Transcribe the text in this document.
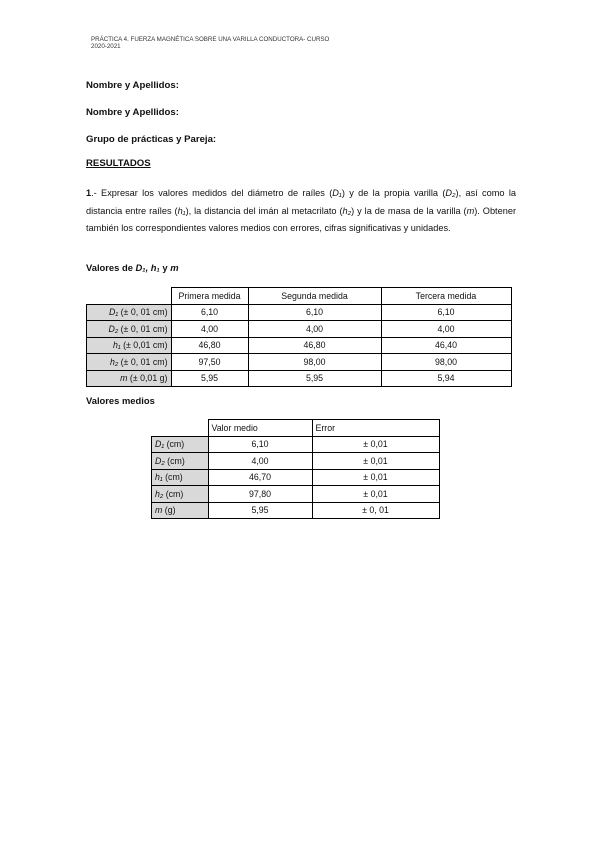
PRÁCTICA 4. FUERZA MAGNÉTICA SOBRE UNA VARILLA CONDUCTORA- CURSO
2020-2021
Nombre y Apellidos:
Nombre y Apellidos:
Grupo de prácticas y Pareja:
RESULTADOS
1.- Expresar los valores medidos del diámetro de raíles (D₁) y de la propia varilla (D₂), así como la distancia entre raíles (h₁), la distancia del imán al metacrilato (h₂) y la de masa de la varilla (m). Obtener también los correspondientes valores medios con errores, cifras significativas y unidades.
Valores de D₁, h₁ y m
	Primera medida	Segunda medida	Tercera medida
D₁ (± 0, 01 cm)	6,10	6,10	6,10
D₂ (± 0, 01 cm)	4,00	4,00	4,00
h₁ (± 0,01 cm)	46,80	46,80	46,40
h₂ (± 0, 01 cm)	97,50	98,00	98,00
m (± 0,01 g)	5,95	5,95	5,94
Valores medios
	Valor medio	Error
D₁ (cm)	6,10	± 0,01
D₂ (cm)	4,00	± 0,01
h₁ (cm)	46,70	± 0,01
h₂ (cm)	97,80	± 0,01
m (g)	5,95	± 0, 01
